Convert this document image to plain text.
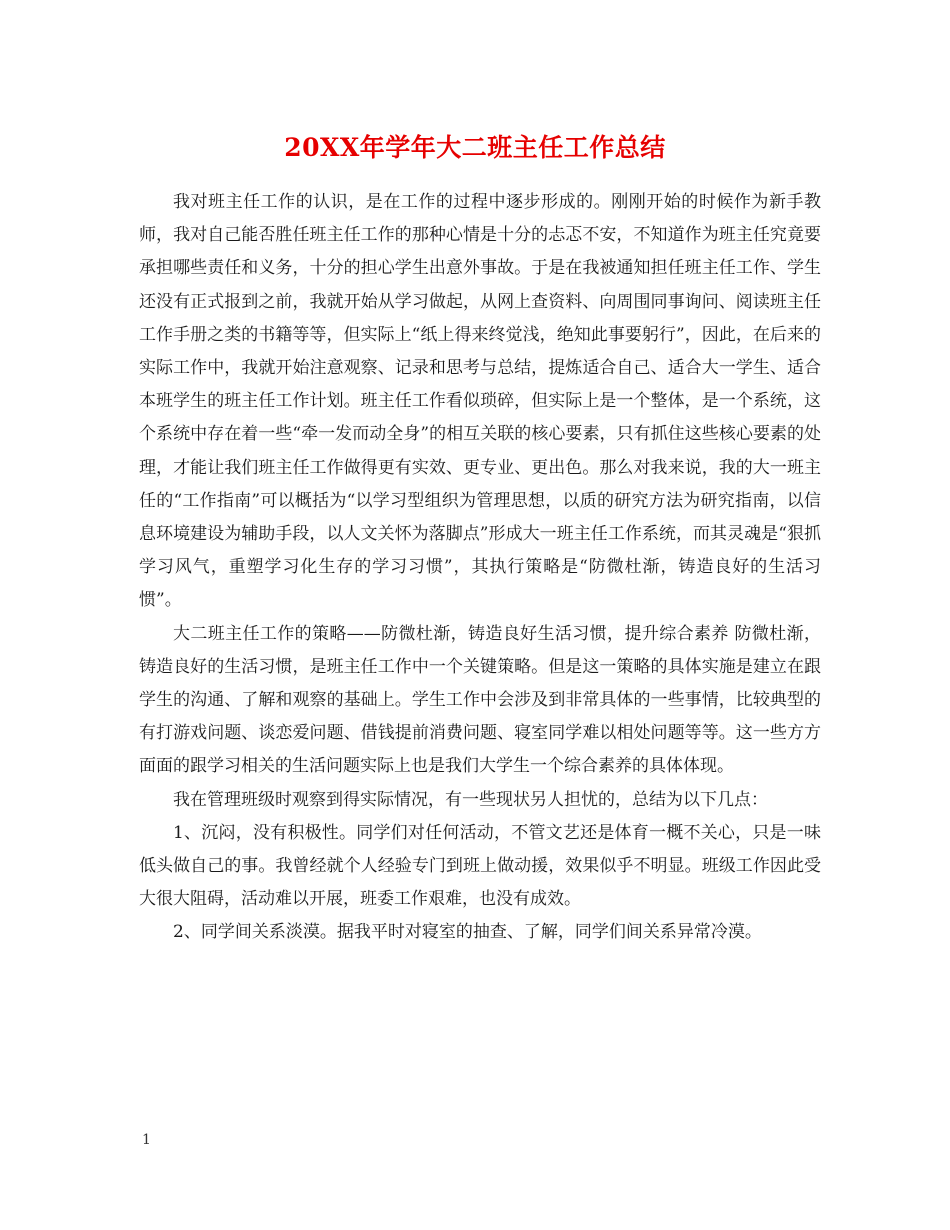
20XX年学年大二班主任工作总结

我对班主任工作的认识，是在工作的过程中逐步形成的。刚刚开始的时候作为新手教师，我对自己能否胜任班主任工作的那种心情是十分的忐忑不安，不知道作为班主任究竟要承担哪些责任和义务，十分的担心学生出意外事故。于是在我被通知担任班主任工作、学生还没有正式报到之前，我就开始从学习做起，从网上查资料、向周围同事询问、阅读班主任工作手册之类的书籍等等，但实际上“纸上得来终觉浅，绝知此事要躬行”，因此，在后来的实际工作中，我就开始注意观察、记录和思考与总结，提炼适合自己、适合大一学生、适合本班学生的班主任工作计划。班主任工作看似琐碎，但实际上是一个整体，是一个系统，这个系统中存在着一些“牵一发而动全身”的相互关联的核心要素，只有抓住这些核心要素的处理，才能让我们班主任工作做得更有实效、更专业、更出色。那么对我来说，我的大一班主任的“工作指南”可以概括为“以学习型组织为管理思想，以质的研究方法为研究指南，以信息环境建设为辅助手段，以人文关怀为落脚点”形成大一班主任工作系统，而其灵魂是“狠抓学习风气，重塑学习化生存的学习习惯”，其执行策略是“防微杜渐，铸造良好的生活习惯”。

大二班主任工作的策略——防微杜渐，铸造良好生活习惯，提升综合素养 防微杜渐，铸造良好的生活习惯，是班主任工作中一个关键策略。但是这一策略的具体实施是建立在跟学生的沟通、了解和观察的基础上。学生工作中会涉及到非常具体的一些事情，比较典型的有打游戏问题、谈恋爱问题、借钱提前消费问题、寝室同学难以相处问题等等。这一些方方面面的跟学习相关的生活问题实际上也是我们大学生一个综合素养的具体体现。

我在管理班级时观察到得实际情况，有一些现状另人担忧的，总结为以下几点：

1、沉闷，没有积极性。同学们对任何活动，不管文艺还是体育一概不关心，只是一味低头做自己的事。我曾经就个人经验专门到班上做动援，效果似乎不明显。班级工作因此受大很大阻碍，活动难以开展，班委工作艰难，也没有成效。

2、同学间关系淡漠。据我平时对寝室的抽查、了解，同学们间关系异常冷漠。

1
